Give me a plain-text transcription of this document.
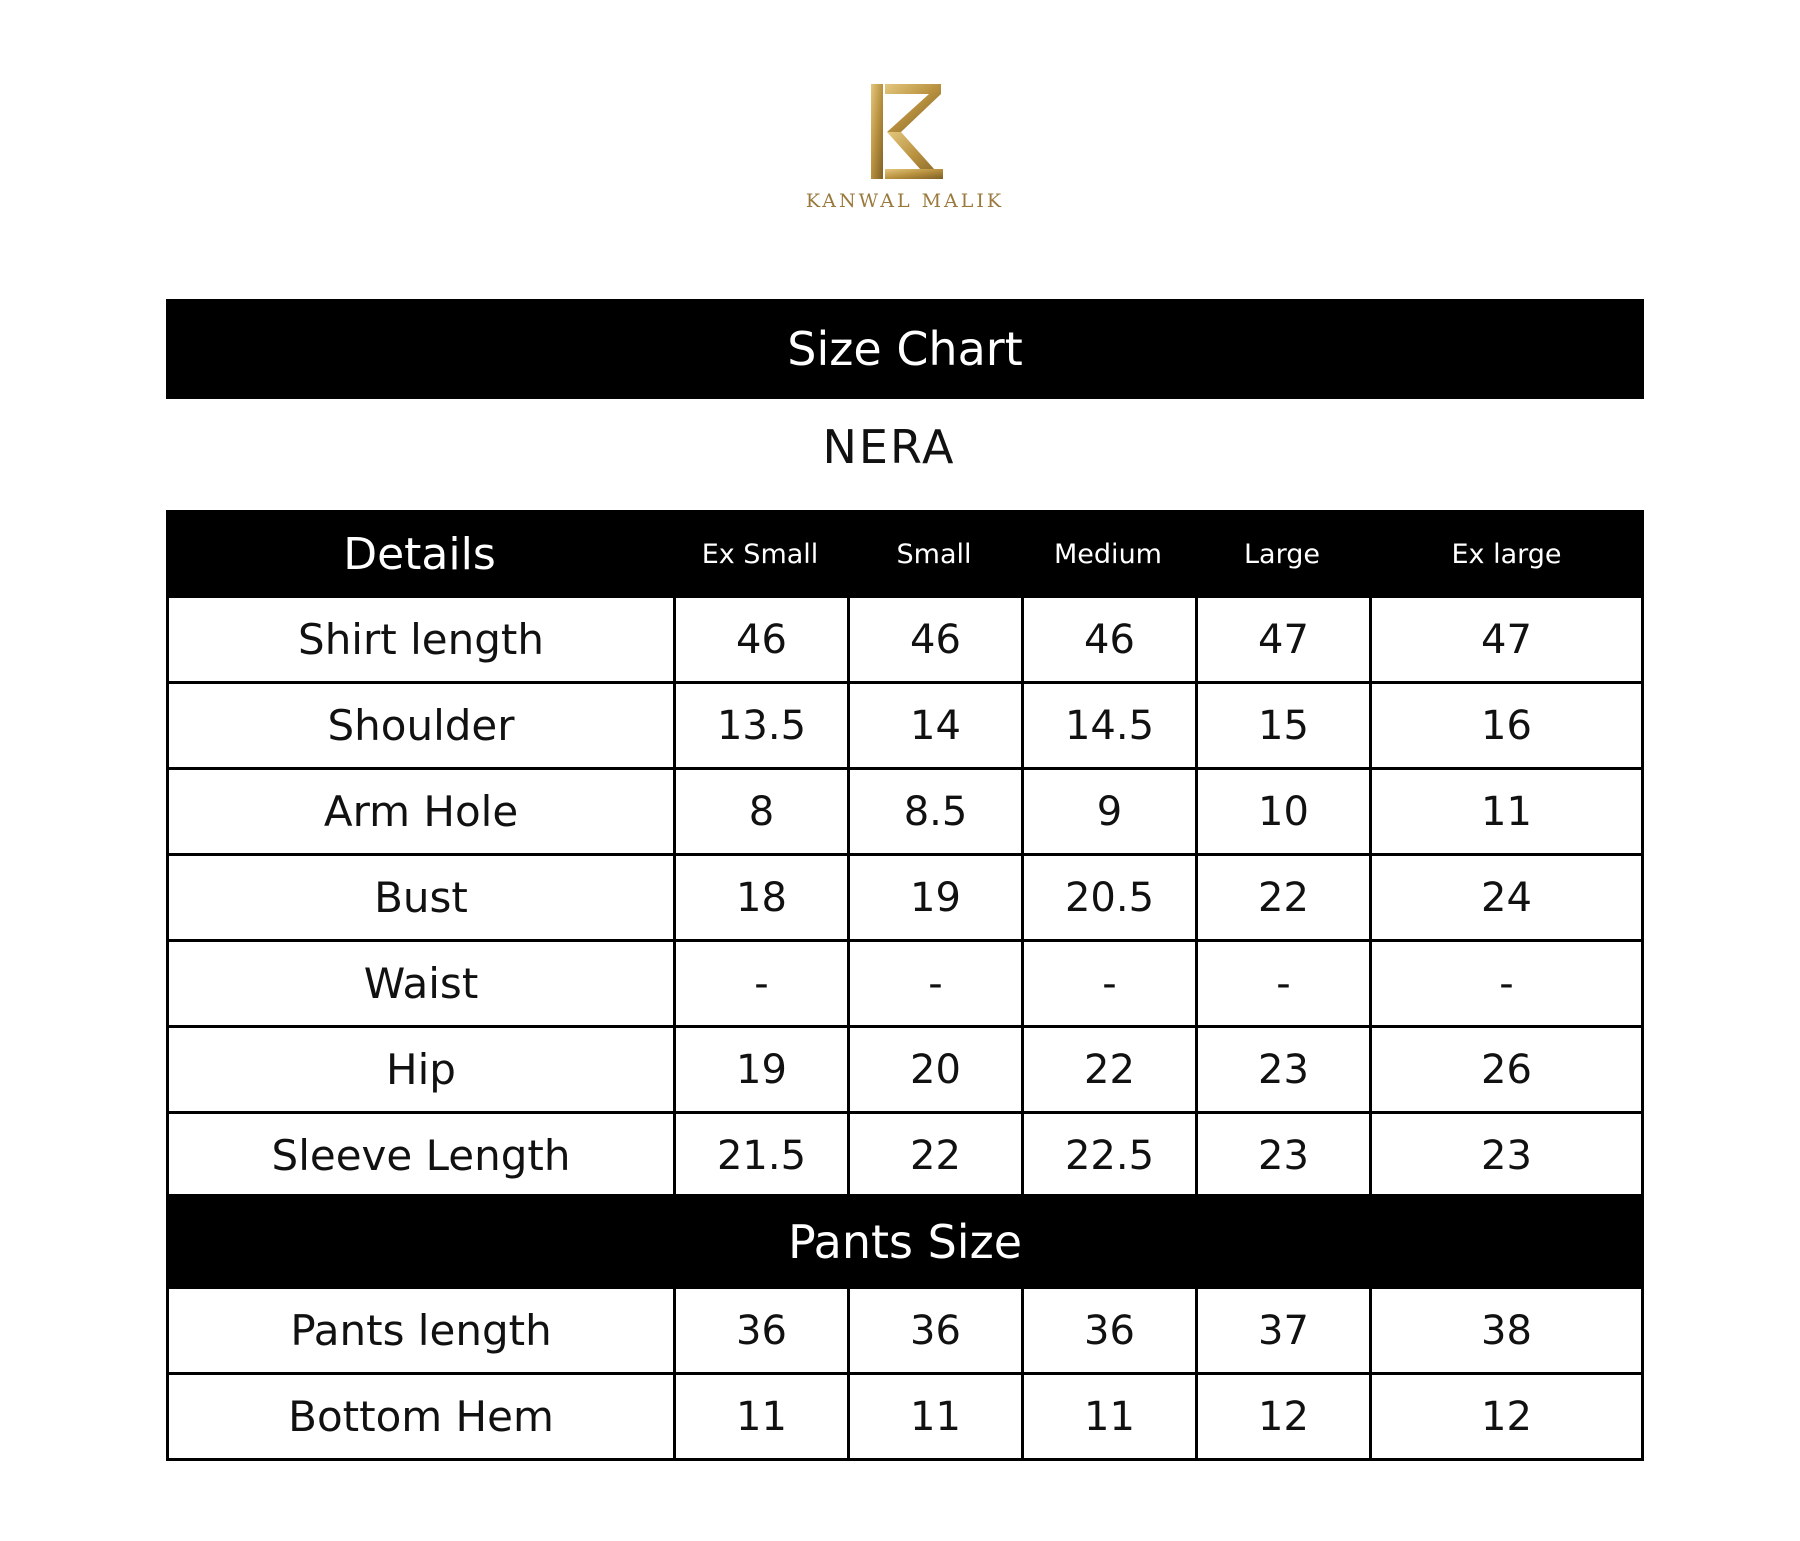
KANWAL MALIK
Size Chart
NERA
Details	Ex Small	Small	Medium	Large	Ex large
Shirt length	46	46	46	47	47
Shoulder	13.5	14	14.5	15	16
Arm Hole	8	8.5	9	10	11
Bust	18	19	20.5	22	24
Waist	-	-	-	-	-
Hip	19	20	22	23	26
Sleeve Length	21.5	22	22.5	23	23
Pants Size
Pants length	36	36	36	37	38
Bottom Hem	11	11	11	12	12
